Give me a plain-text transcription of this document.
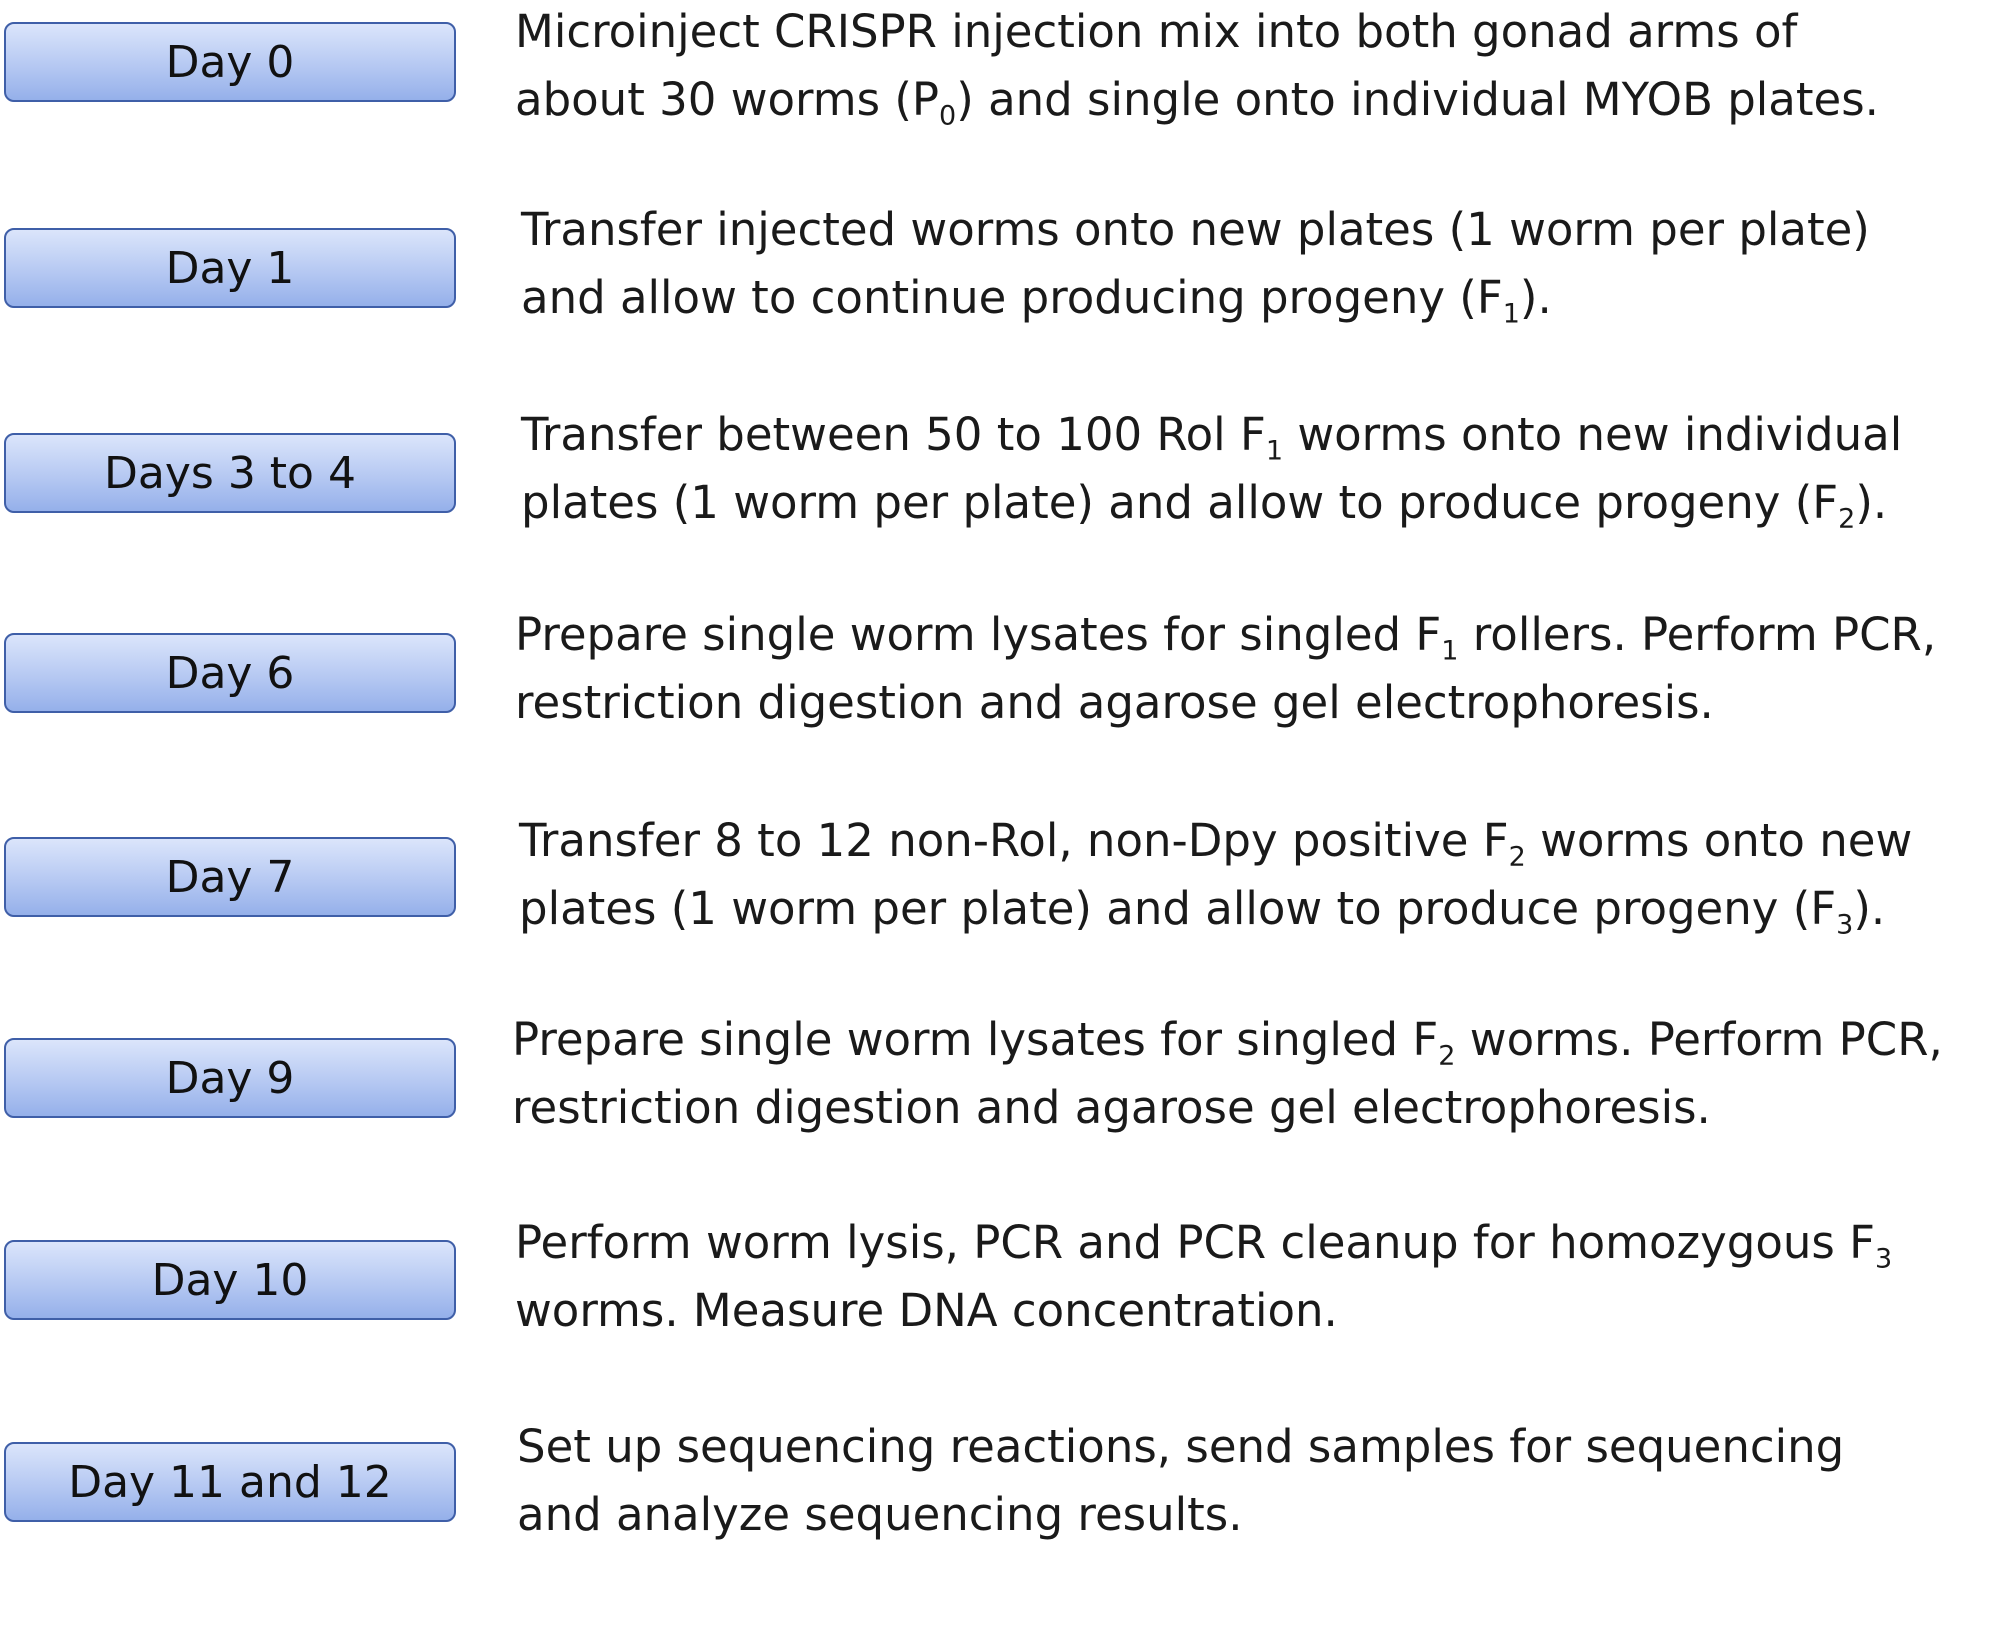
Day 0
Microinject CRISPR injection mix into both gonad arms of
about 30 worms $(P_0)$ and single onto individual MYOB plates.
Day 1
Transfer injected worms onto new plates (1 worm per plate)
and allow to continue producing progeny $(F_1)$.
Days 3 to 4
Transfer between 50 to 100 Rol $F_1$ worms onto new individual
plates (1 worm per plate) and allow to produce progeny $(F_2)$.
Day 6
Prepare single worm lysates for singled $F_1$ rollers. Perform PCR,
restriction digestion and agarose gel electrophoresis.
Day 7
Transfer 8 to 12 non-Rol, non-Dpy positive $F_2$ worms onto new
plates (1 worm per plate) and allow to produce progeny $(F_3)$.
Day 9
Prepare single worm lysates for singled $F_2$ worms. Perform PCR,
restriction digestion and agarose gel electrophoresis.
Day 10
Perform worm lysis, PCR and PCR cleanup for homozygous $F_3$
worms. Measure DNA concentration.
Day 11 and 12
Set up sequencing reactions, send samples for sequencing
and analyze sequencing results.
